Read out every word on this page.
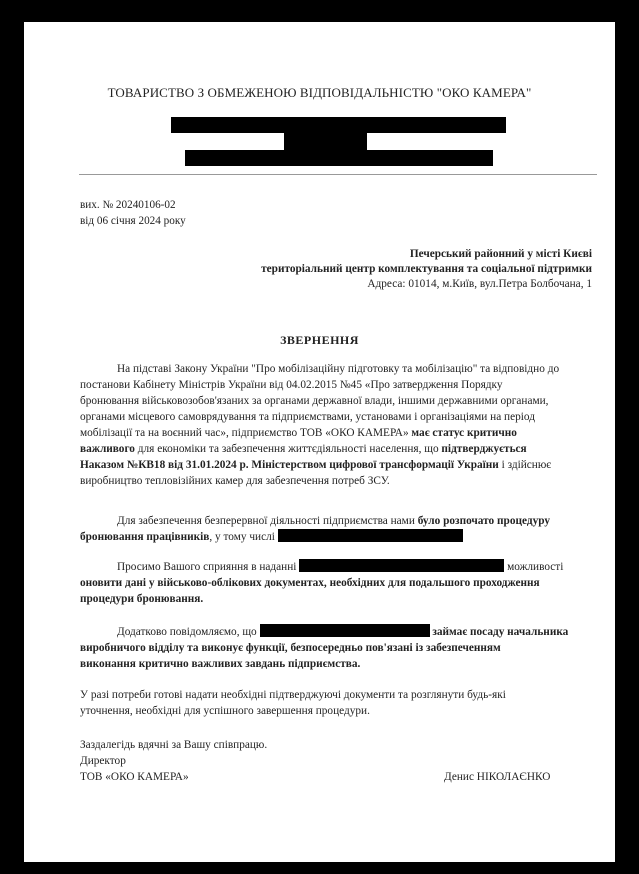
ТОВАРИСТВО З ОБМЕЖЕНОЮ ВІДПОВІДАЛЬНІСТЮ "ОКО КАМЕРА"
вих. № 20240106-02
від 06 січня 2024 року
Печерський районний у місті Києві
територіальний центр комплектування та соціальної підтримки
Адреса: 01014, м.Київ, вул.Петра Болбочана, 1
ЗВЕРНЕННЯ
На підставі Закону України "Про мобілізаційну підготовку та мобілізацію" та відповідно до
постанови Кабінету Міністрів України від 04.02.2015 №45 «Про затвердження Порядку
бронювання військовозобов'язаних за органами державної влади, іншими державними органами,
органами місцевого самоврядування та підприємствами, установами і організаціями на період
мобілізації та на воєнний час», підприємство ТОВ «ОКО КАМЕРА» має статус критично
важливого для економіки та забезпечення життєдіяльності населення, що підтверджується
Наказом №КВ18 від 31.01.2024 р. Міністерством цифрової трансформації України і здійснює
виробництво тепловізійних камер для забезпечення потреб ЗСУ.
Для забезпечення безперервної діяльності підприємства нами було розпочато процедуру
бронювання працівників, у тому числі
Просимо Вашого сприяння в наданні	можливості
оновити дані у військово-облікових документах, необхідних для подальшого проходження
процедури бронювання.
Додатково повідомляємо, що	займає посаду начальника
виробничого відділу та виконує функції, безпосередньо пов'язані із забезпеченням
виконання критично важливих завдань підприємства.
У разі потреби готові надати необхідні підтверджуючі документи та розглянути будь-які
уточнення, необхідні для успішного завершення процедури.
Заздалегідь вдячні за Вашу співпрацю.
Директор
ТОВ «ОКО КАМЕРА»	Денис НІКОЛАЄНКО
